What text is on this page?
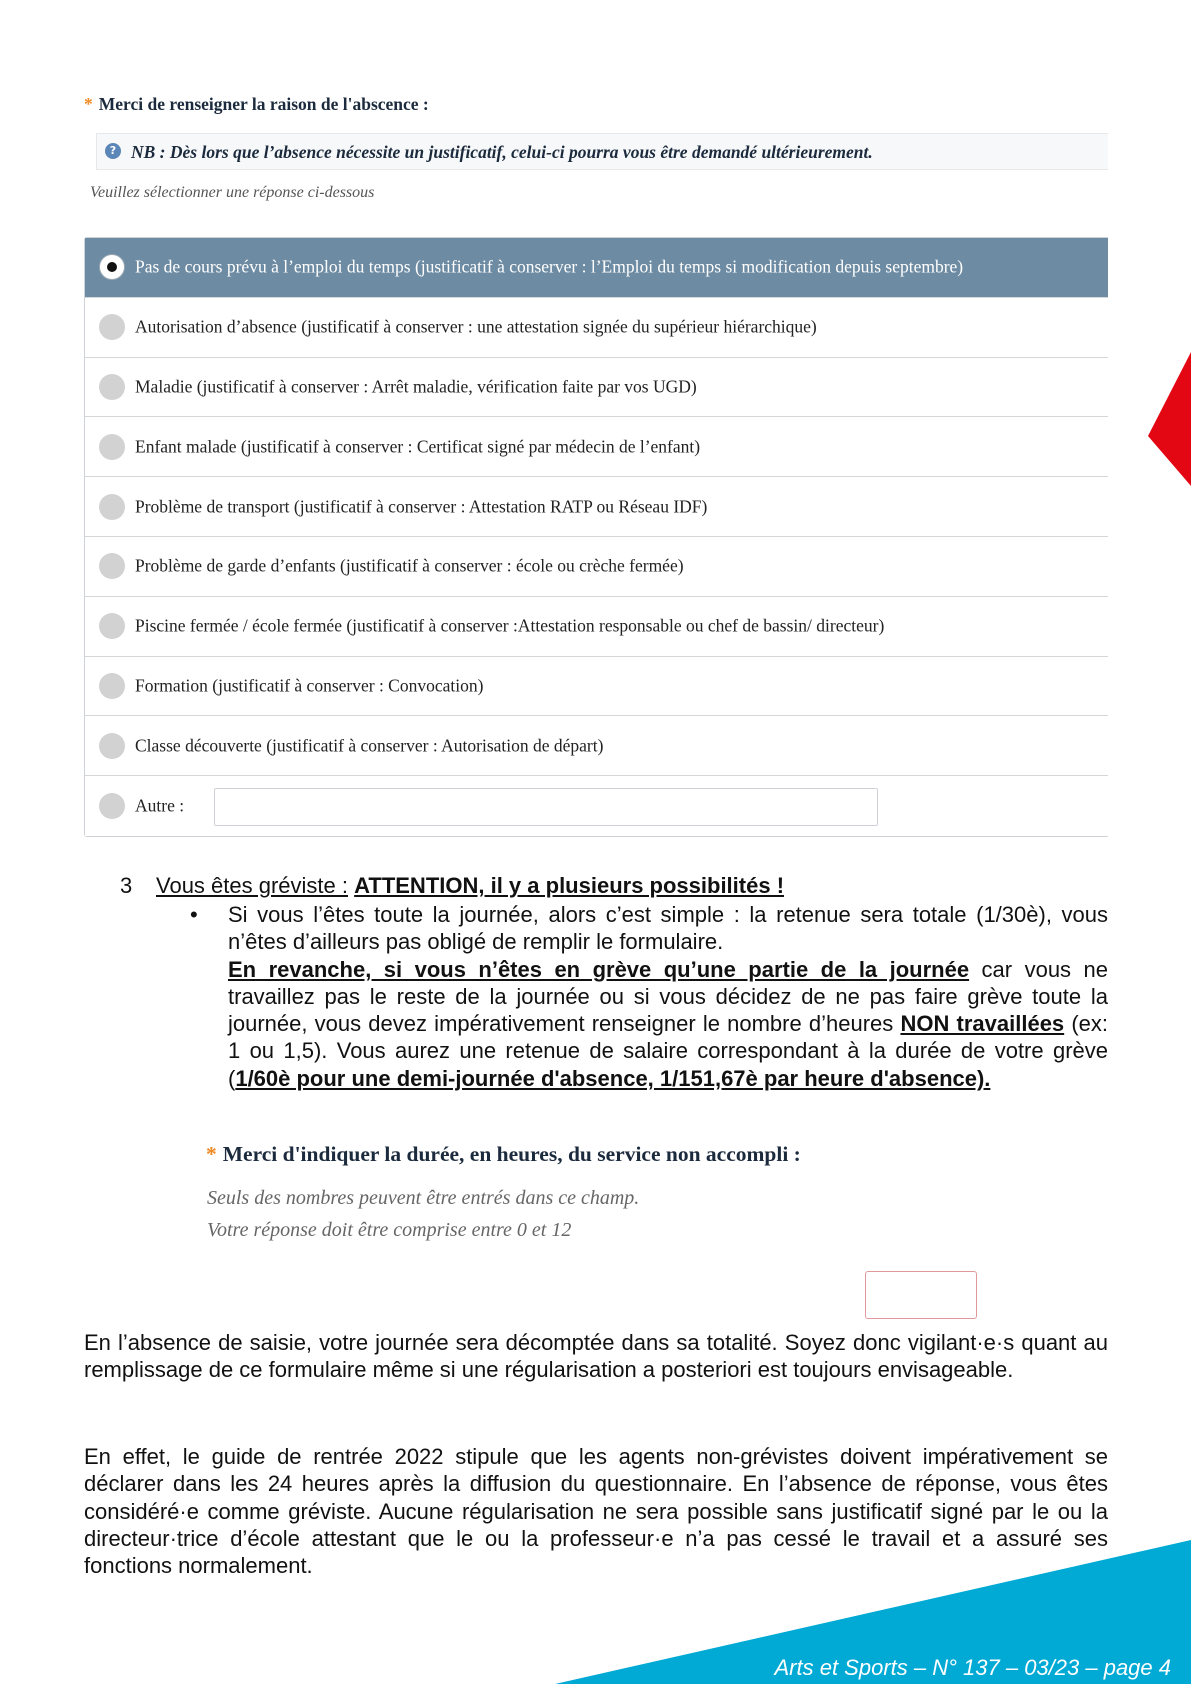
* Merci de renseigner la raison de l'abscence :
? NB : Dès lors que l’absence nécessite un justificatif, celui-ci pourra vous être demandé ultérieurement.
Veuillez sélectionner une réponse ci-dessous
Pas de cours prévu à l’emploi du temps (justificatif à conserver : l’Emploi du temps si modification depuis septembre)
Autorisation d’absence (justificatif à conserver : une attestation signée du supérieur hiérarchique)
Maladie (justificatif à conserver : Arrêt maladie, vérification faite par vos UGD)
Enfant malade (justificatif à conserver : Certificat signé par médecin de l’enfant)
Problème de transport (justificatif à conserver : Attestation RATP ou Réseau IDF)
Problème de garde d’enfants (justificatif à conserver : école ou crèche fermée)
Piscine fermée / école fermée (justificatif à conserver :Attestation responsable ou chef de bassin/ directeur)
Formation (justificatif à conserver : Convocation)
Classe découverte (justificatif à conserver : Autorisation de départ)
Autre :
3 Vous êtes gréviste : ATTENTION, il y a plusieurs possibilités !
• Si vous l’êtes toute la journée, alors c’est simple : la retenue sera totale (1/30è), vous n’êtes d’ailleurs pas obligé de remplir le formulaire.

En revanche, si vous n’êtes en grève qu’une partie de la journée car vous ne travaillez pas le reste de la journée ou si vous décidez de ne pas faire grève toute la journée, vous devez impérativement renseigner le nombre d’heures NON travaillées (ex: 1 ou 1,5). Vous aurez une retenue de salaire correspondant à la durée de votre grève (1/60è pour une demi-journée d'absence, 1/151,67è par heure d'absence).

* Merci d'indiquer la durée, en heures, du service non accompli :
Seuls des nombres peuvent être entrés dans ce champ.
Votre réponse doit être comprise entre 0 et 12

En l’absence de saisie, votre journée sera décomptée dans sa totalité. Soyez donc vigilant·e·s quant au remplissage de ce formulaire même si une régularisation a posteriori est toujours envisageable.

En effet, le guide de rentrée 2022 stipule que les agents non-grévistes doivent impérativement se déclarer dans les 24 heures après la diffusion du questionnaire. En l’absence de réponse, vous êtes considéré·e comme gréviste. Aucune régularisation ne sera possible sans justificatif signé par le ou la directeur·trice d’école attestant que le ou la professeur·e n’a pas cessé le travail et a assuré ses fonctions normalement.

Arts et Sports – N° 137 – 03/23 – page 4
